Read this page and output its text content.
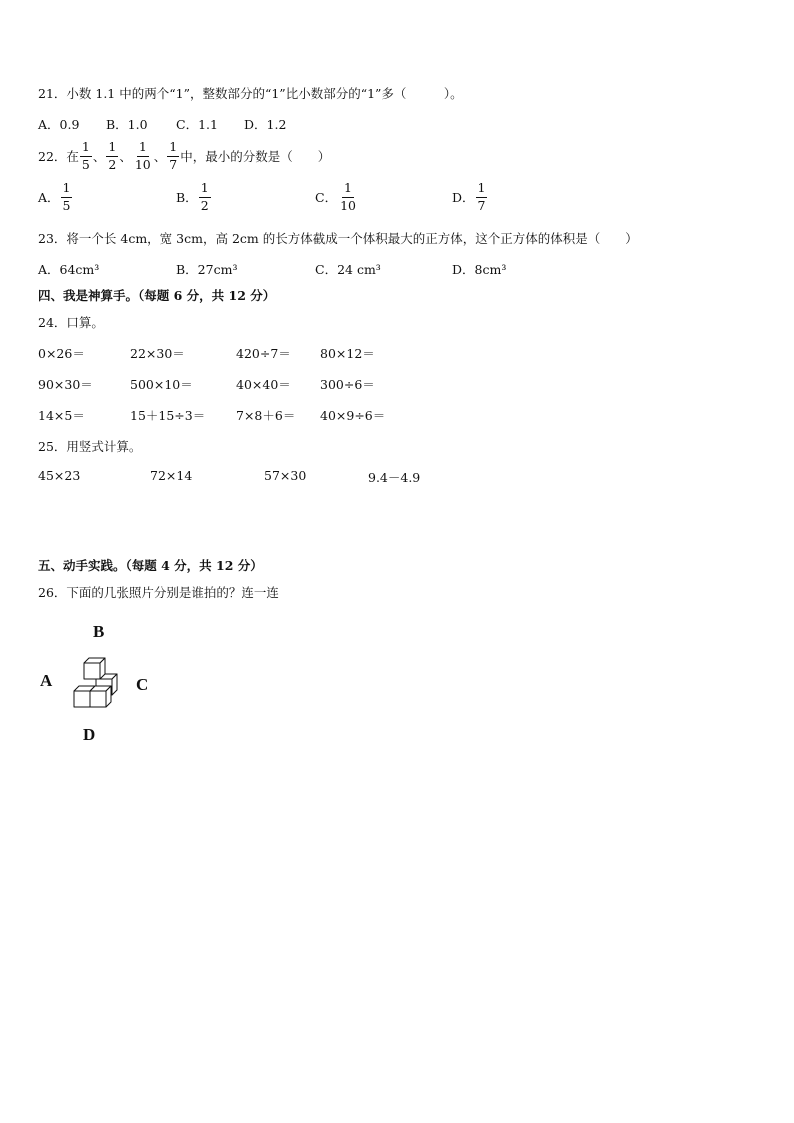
21．小数 1.1 中的两个“1”，整数部分的“1”比小数部分的“1”多（　　　）。
A．0.9 B．1.0 C．1.1 D．1.2
22．在 $\frac{1}{5}$ 、 $\frac{1}{2}$ 、 $\frac{1}{10}$ 、 $\frac{1}{7}$ 中，最小的分数是（　　）
A． $\frac{1}{5}$	B． $\frac{1}{2}$	C． $\frac{1}{10}$	D． $\frac{1}{7}$
23．将一个长 4cm，宽 3cm，高 2cm 的长方体截成一个体积最大的正方体，这个正方体的体积是（　　）
A．64cm³	B．27cm³	C．24 cm³	D．8cm³
四、我是神算手。（每题 6 分，共 12 分）
24．口算。
0×26＝	22×30＝	420÷7＝ 80×12＝
90×30＝	500×10＝	40×40＝ 300÷6＝
14×5＝	15＋15÷3＝ 7×8＋6＝ 40×9÷6＝
25．用竖式计算。
45×23	72×14	57×30	9.4－4.9
五、动手实践。（每题 4 分，共 12 分）
26．下面的几张照片分别是谁拍的？连一连
B
A	C
D
